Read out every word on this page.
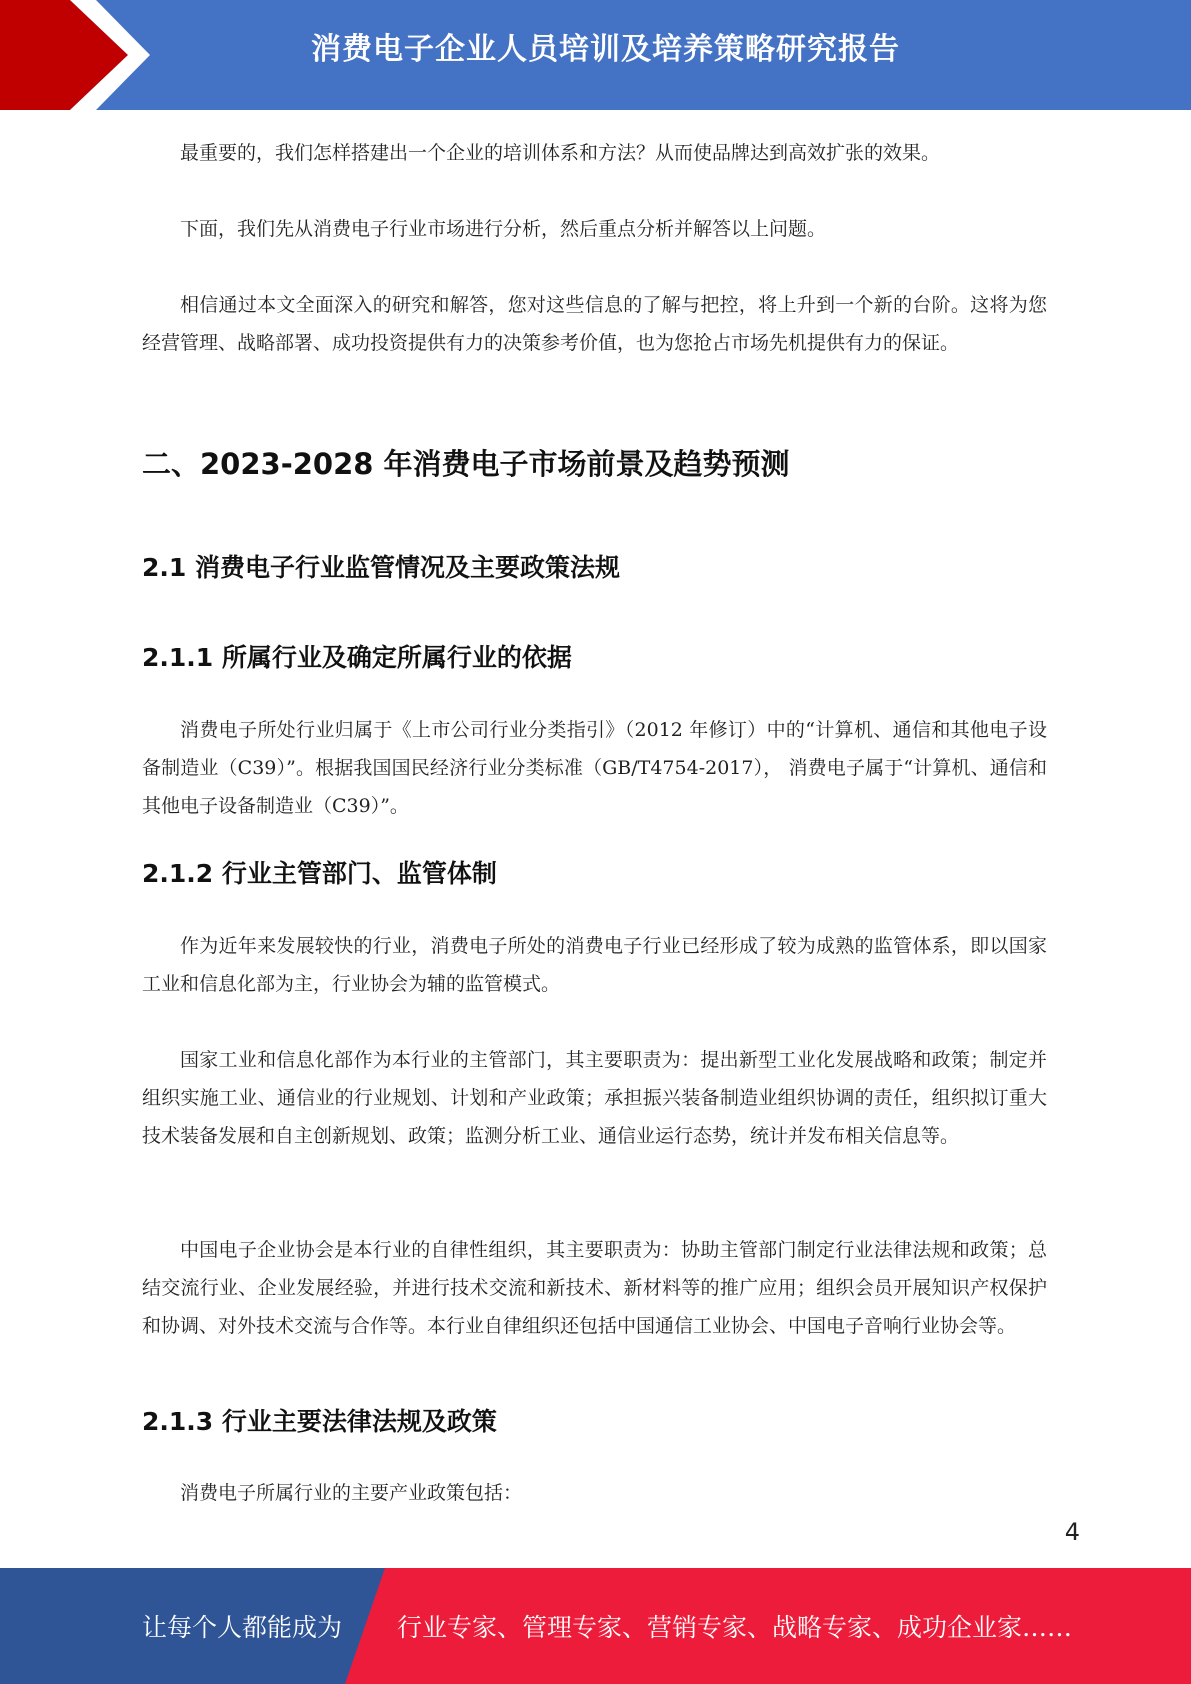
消费电子企业人员培训及培养策略研究报告

最重要的，我们怎样搭建出一个企业的培训体系和方法？从而使品牌达到高效扩张的效果。

下面，我们先从消费电子行业市场进行分析，然后重点分析并解答以上问题。

相信通过本文全面深入的研究和解答，您对这些信息的了解与把控，将上升到一个新的台阶。这将为您经营管理、战略部署、成功投资提供有力的决策参考价值，也为您抢占市场先机提供有力的保证。

二、2023-2028 年消费电子市场前景及趋势预测
2.1 消费电子行业监管情况及主要政策法规
2.1.1 所属行业及确定所属行业的依据

消费电子所处行业归属于《上市公司行业分类指引》（2012 年修订）中的“计算机、通信和其他电子设备制造业（C39）”。根据我国国民经济行业分类标准（GB/T4754-2017）， 消费电子属于“计算机、通信和其他电子设备制造业（C39）”。

2.1.2 行业主管部门、监管体制

作为近年来发展较快的行业，消费电子所处的消费电子行业已经形成了较为成熟的监管体系，即以国家工业和信息化部为主，行业协会为辅的监管模式。

国家工业和信息化部作为本行业的主管部门，其主要职责为：提出新型工业化发展战略和政策；制定并组织实施工业、通信业的行业规划、计划和产业政策；承担振兴装备制造业组织协调的责任，组织拟订重大技术装备发展和自主创新规划、政策；监测分析工业、通信业运行态势，统计并发布相关信息等。

中国电子企业协会是本行业的自律性组织，其主要职责为：协助主管部门制定行业法律法规和政策；总结交流行业、企业发展经验，并进行技术交流和新技术、新材料等的推广应用；组织会员开展知识产权保护和协调、对外技术交流与合作等。本行业自律组织还包括中国通信工业协会、中国电子音响行业协会等。

2.1.3 行业主要法律法规及政策

消费电子所属行业的主要产业政策包括：

4
让每个人都能成为 行业专家、管理专家、营销专家、战略专家、成功企业家……
